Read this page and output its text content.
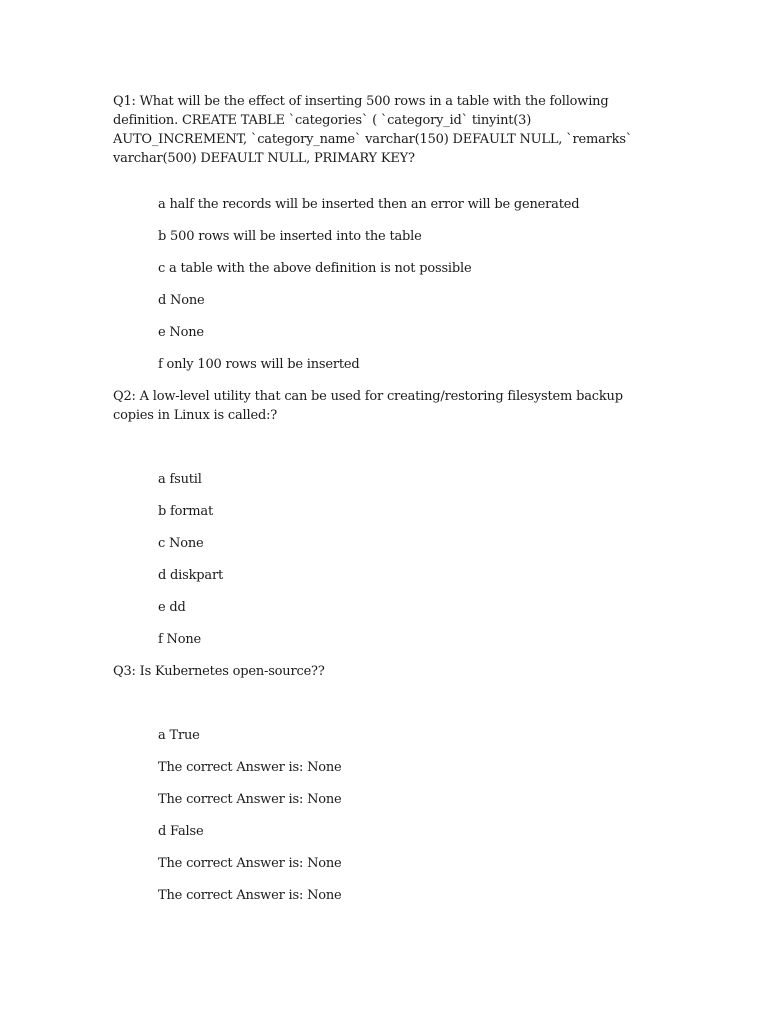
Q1: What will be the effect of inserting 500 rows in a table with the following definition. CREATE TABLE `categories` ( `category_id` tinyint(3) AUTO_INCREMENT, `category_name` varchar(150) DEFAULT NULL, `remarks` varchar(500) DEFAULT NULL, PRIMARY KEY?
a half the records will be inserted then an error will be generated
b 500 rows will be inserted into the table
c a table with the above definition is not possible
d None
e None
f only 100 rows will be inserted
Q2: A low-level utility that can be used for creating/restoring filesystem backup copies in Linux is called:?
a fsutil
b format
c None
d diskpart
e dd
f None
Q3: Is Kubernetes open-source??
a True
The correct Answer is: None
The correct Answer is: None
d False
The correct Answer is: None
The correct Answer is: None
